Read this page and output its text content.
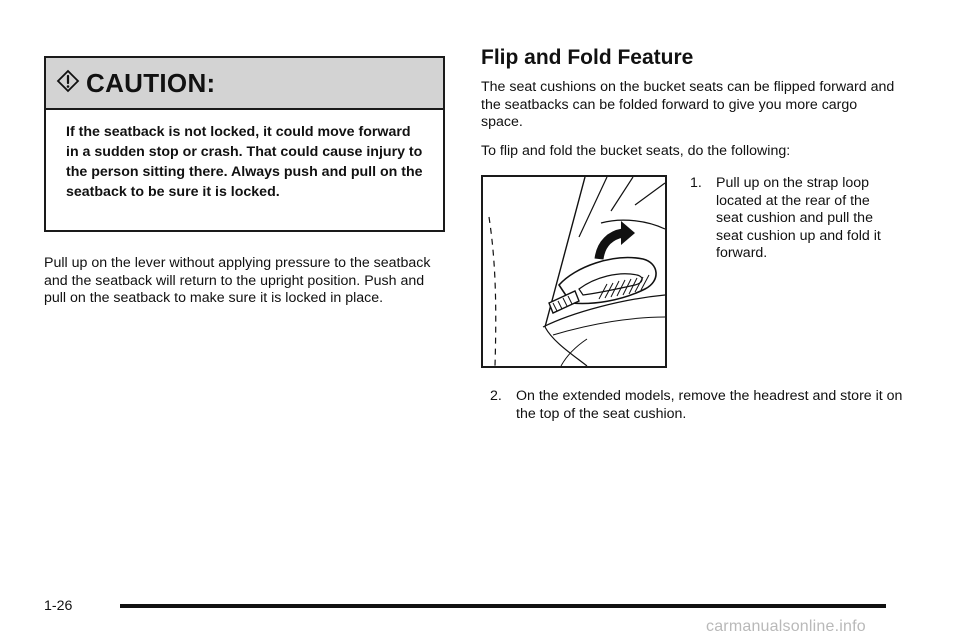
CAUTION:

If the seatback is not locked, it could move forward in a sudden stop or crash. That could cause injury to the person sitting there. Always push and pull on the seatback to be sure it is locked.

Pull up on the lever without applying pressure to the seatback and the seatback will return to the upright position. Push and pull on the seatback to make sure it is locked in place.

Flip and Fold Feature

The seat cushions on the bucket seats can be flipped forward and the seatbacks can be folded forward to give you more cargo space.

To flip and fold the bucket seats, do the following:

1. Pull up on the strap loop located at the rear of the seat cushion and pull the seat cushion up and fold it forward.
2. On the extended models, remove the headrest and store it on the top of the seat cushion.
1-26
carmanualsonline.info
